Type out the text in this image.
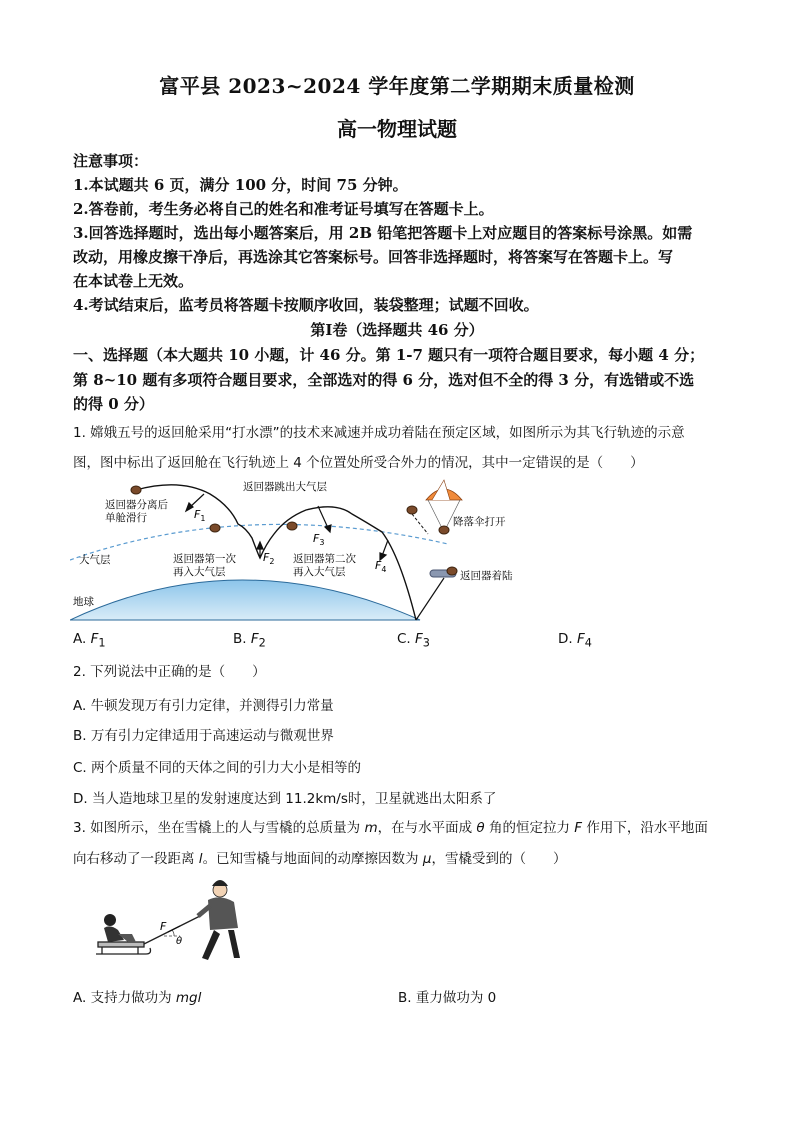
富平县 2023~2024 学年度第二学期期末质量检测
高一物理试题
注意事项：
1.本试题共 6 页，满分 100 分，时间 75 分钟。
2.答卷前，考生务必将自己的姓名和准考证号填写在答题卡上。
3.回答选择题时，选出每小题答案后，用 2B 铅笔把答题卡上对应题目的答案标号涂黑。如需
改动，用橡皮擦干净后，再选涂其它答案标号。回答非选择题时，将答案写在答题卡上。写
在本试卷上无效。
4.考试结束后，监考员将答题卡按顺序收回，装袋整理；试题不回收。
第Ⅰ卷（选择题共 46 分）
一、选择题（本大题共 10 小题，计 46 分。第 1-7 题只有一项符合题目要求，每小题 4 分；
第 8~10 题有多项符合题目要求，全部选对的得 6 分，选对但不全的得 3 分，有选错或不选
的得 0 分）
1. 嫦娥五号的返回舱采用“打水漂”的技术来减速并成功着陆在预定区域，如图所示为其飞行轨迹的示意
图，图中标出了返回舱在飞行轨迹上 4 个位置处所受合外力的情况，其中一定错误的是（　　）
返回器分离后
单舱滑行
返回器跳出大气层
降落伞打开
大气层	返回器第一次
再入大气层
返回器第二次
再入大气层	返回器着陆
地球
$F_1$
$F_2$
$F_3$
$F_4$
A. $F_1$	B. $F_2$	C. $F_3$	D. $F_4$
2. 下列说法中正确的是（　　）
A. 牛顿发现万有引力定律，并测得引力常量
B. 万有引力定律适用于高速运动与微观世界
C. 两个质量不同的天体之间的引力大小是相等的
D. 当人造地球卫星的发射速度达到 11.2km/s时，卫星就逃出太阳系了
3. 如图所示，坐在雪橇上的人与雪橇的总质量为 m，在与水平面成 θ 角的恒定拉力 F 作用下，沿水平地面
向右移动了一段距离 l。已知雪橇与地面间的动摩擦因数为 μ，雪橇受到的（　　）
F
θ
A. 支持力做功为 mgl	B. 重力做功为 0
